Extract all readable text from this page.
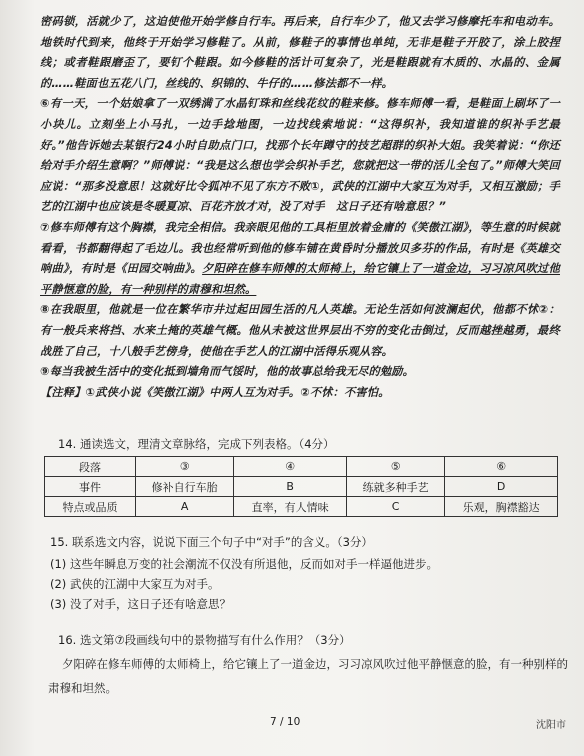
密码锁，活就少了，这迫使他开始学修自行车。再后来，自行车少了，他又去学习修摩托车和电动车。地铁时代到来，他终于开始学习修鞋了。从前，修鞋子的事情也单纯，无非是鞋子开胶了，涂上胶捏线；或者鞋跟磨歪了，要钉个鞋跟。如今修鞋的活计可复杂了，光是鞋跟就有木质的、水晶的、金属的……鞋面也五花八门，丝线的、织锦的、牛仔的……修法都不一样。

⑥有一天，一个姑娘拿了一双绣满了水晶钉珠和丝线花纹的鞋来修。修车师傅一看，是鞋面上刷坏了一小块儿。立刻坐上小马扎，一边手捻地图，一边找线索地说：“这得织补，我知道谁的织补手艺最好。”他告诉她去某银行24小时自助点门口，找那个长年蹲守的技艺超群的织补大姐。我笑着说：“你还给对手介绍生意啊？”师傅说：“我是这么想也学会织补手艺，您就把这一带的活儿全包了。”师傅大笑回应说：“那多没意思！这就好比令狐冲不见了东方不败①，武侠的江湖中大家互为对手，又相互激励；手艺的江湖中也应该是冬暖夏凉、百花齐放才对，没了对手　这日子还有啥意思？”

⑦修车师傅有这个胸襟，我完全相信。我亲眼见他的工具柜里放着金庸的《笑傲江湖》，等生意的时候就看看，书都翻得起了毛边儿。我也经常听到他的修车铺在黄昏时分播放贝多芬的作品，有时是《英雄交响曲》，有时是《田园交响曲》。夕阳碎在修车师傅的太师椅上，给它镶上了一道金边，习习凉风吹过他平静惬意的脸，有一种别样的肃穆和坦然。

⑧在我眼里，他就是一位在繁华市井过起田园生活的凡人英雄。无论生活如何波澜起伏，他都不怵②：有一般兵来将挡、水来土掩的英雄气概。他从未被这世界层出不穷的变化击倒过，反而越挫越勇，最终战胜了自己，十八般手艺傍身，使他在手艺人的江湖中活得乐观从容。

⑨每当我被生活中的变化抵到墙角而气馁时，他的故事总给我无尽的勉励。

【注释】①武侠小说《笑傲江湖》中两人互为对手。②不怵：不害怕。

14. 通读选文，理清文章脉络，完成下列表格。（4分）
段落	③	④	⑤	⑥
事件	修补自行车胎	B	练就多种手艺	D
特点或品质	A	直率，有人情味	C	乐观，胸襟豁达
15. 联系选文内容，说说下面三个句子中“对手”的含义。（3分）
(1) 这些年瞬息万变的社会潮流不仅没有所退他，反而如对手一样逼他进步。
(2) 武侠的江湖中大家互为对手。
(3) 没了对手，这日子还有啥意思？
16. 选文第⑦段画线句中的景物描写有什么作用？（3分）

夕阳碎在修车师傅的太师椅上，给它镶上了一道金边，习习凉风吹过他平静惬意的脸，有一种别样的肃穆和坦然。

7 / 10	沈阳市
